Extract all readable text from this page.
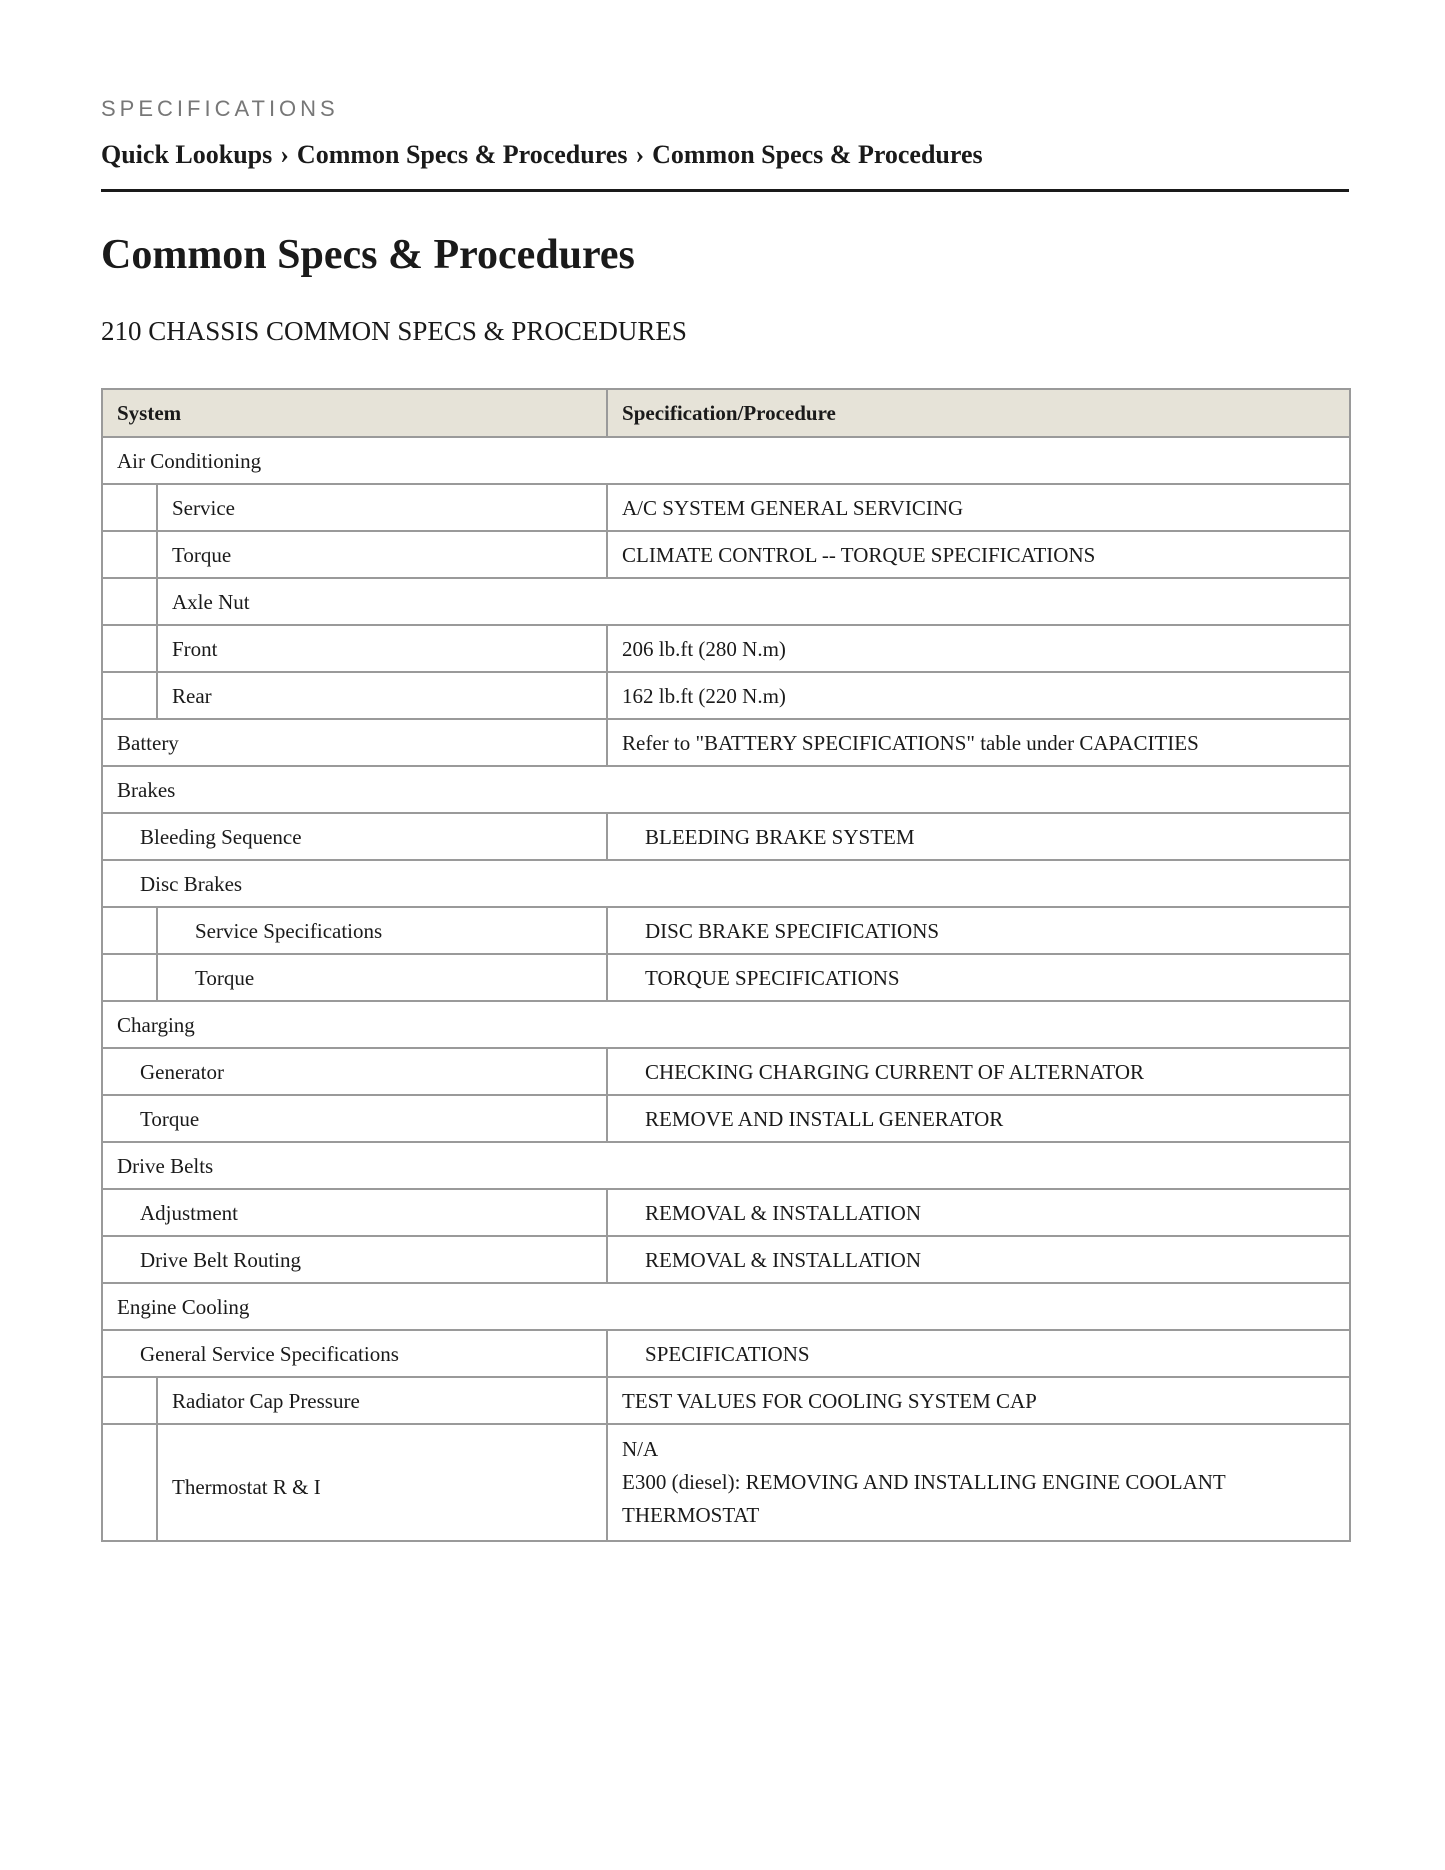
SPECIFICATIONS
Quick Lookups › Common Specs & Procedures › Common Specs & Procedures
Common Specs & Procedures
210 CHASSIS COMMON SPECS & PROCEDURES
System		Specification/Procedure
Air Conditioning		
	Service	A/C SYSTEM GENERAL SERVICING
	Torque	CLIMATE CONTROL -- TORQUE SPECIFICATIONS
	Axle Nut	
	Front	206 lb.ft (280 N.m)
	Rear	162 lb.ft (220 N.m)
Battery		Refer to "BATTERY SPECIFICATIONS" table under CAPACITIES
Brakes		
Bleeding Sequence		BLEEDING BRAKE SYSTEM
Disc Brakes		
	Service Specifications	DISC BRAKE SPECIFICATIONS
	Torque	TORQUE SPECIFICATIONS
Charging		
Generator		CHECKING CHARGING CURRENT OF ALTERNATOR
Torque		REMOVE AND INSTALL GENERATOR
Drive Belts		
Adjustment		REMOVAL & INSTALLATION
Drive Belt Routing		REMOVAL & INSTALLATION
Engine Cooling		
General Service Specifications		SPECIFICATIONS
	Radiator Cap Pressure	TEST VALUES FOR COOLING SYSTEM CAP
	Thermostat R & I	N/A
E300 (diesel): REMOVING AND INSTALLING ENGINE COOLANT THERMOSTAT
